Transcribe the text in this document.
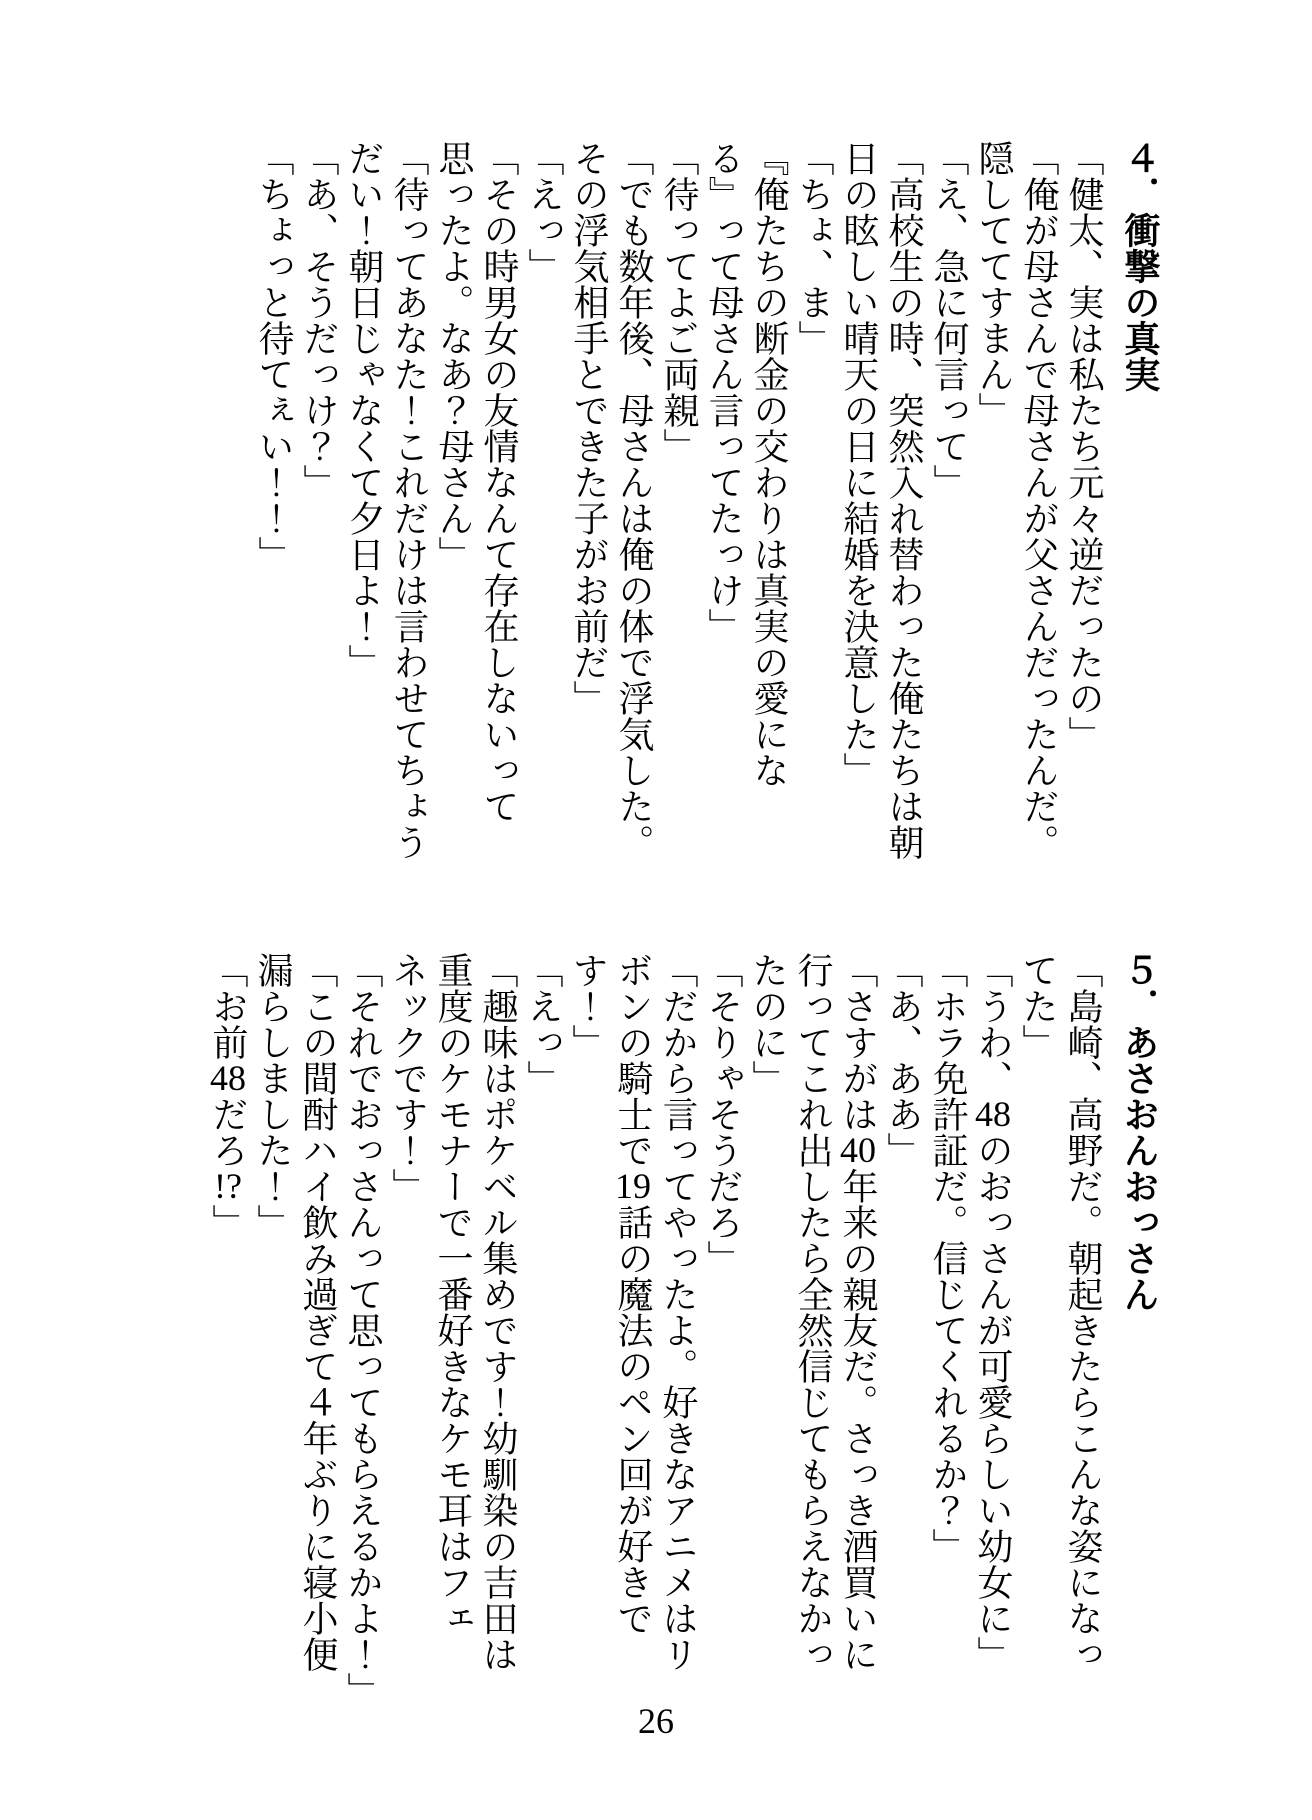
４．衝撃の真実

「健太、実は私たち元々逆だったの」

「俺が母さんで母さんが父さんだったんだ。隠しててすまん」

「え、急に何言って」

「高校生の時、突然入れ替わった俺たちは朝日の眩しい晴天の日に結婚を決意した」

「ちょ、ま」

『俺たちの断金の交わりは真実の愛になる』って母さん言ってたっけ」

「待ってよご両親」

「でも数年後、母さんは俺の体で浮気した。その浮気相手とできた子がお前だ」

「えっ」

「その時男女の友情なんて存在しないって思ったよ。なあ？母さん」

「待ってあなた！これだけは言わせてちょうだい！朝日じゃなくて夕日よ！」

「あ、そうだっけ？」

「ちょっと待てぇい！！」

５．あさおんおっさん

「島崎、高野だ。朝起きたらこんな姿になってた」

「うわ、48のおっさんが可愛らしい幼女に」

「ホラ免許証だ。信じてくれるか？」

「あ、ああ」

「さすがは40年来の親友だ。さっき酒買いに行ってこれ出したら全然信じてもらえなかったのに」

「そりゃそうだろ」

「だから言ってやったよ。好きなアニメはリボンの騎士で19話の魔法のペン回が好きです！」

「えっ」

「趣味はポケベル集めです！幼馴染の吉田は重度のケモナーで一番好きなケモ耳はフェネックです！」

「それでおっさんって思ってもらえるかよ！」

「この間酎ハイ飲み過ぎて４年ぶりに寝小便漏らしました！」

「お前48だろ!?」

26
